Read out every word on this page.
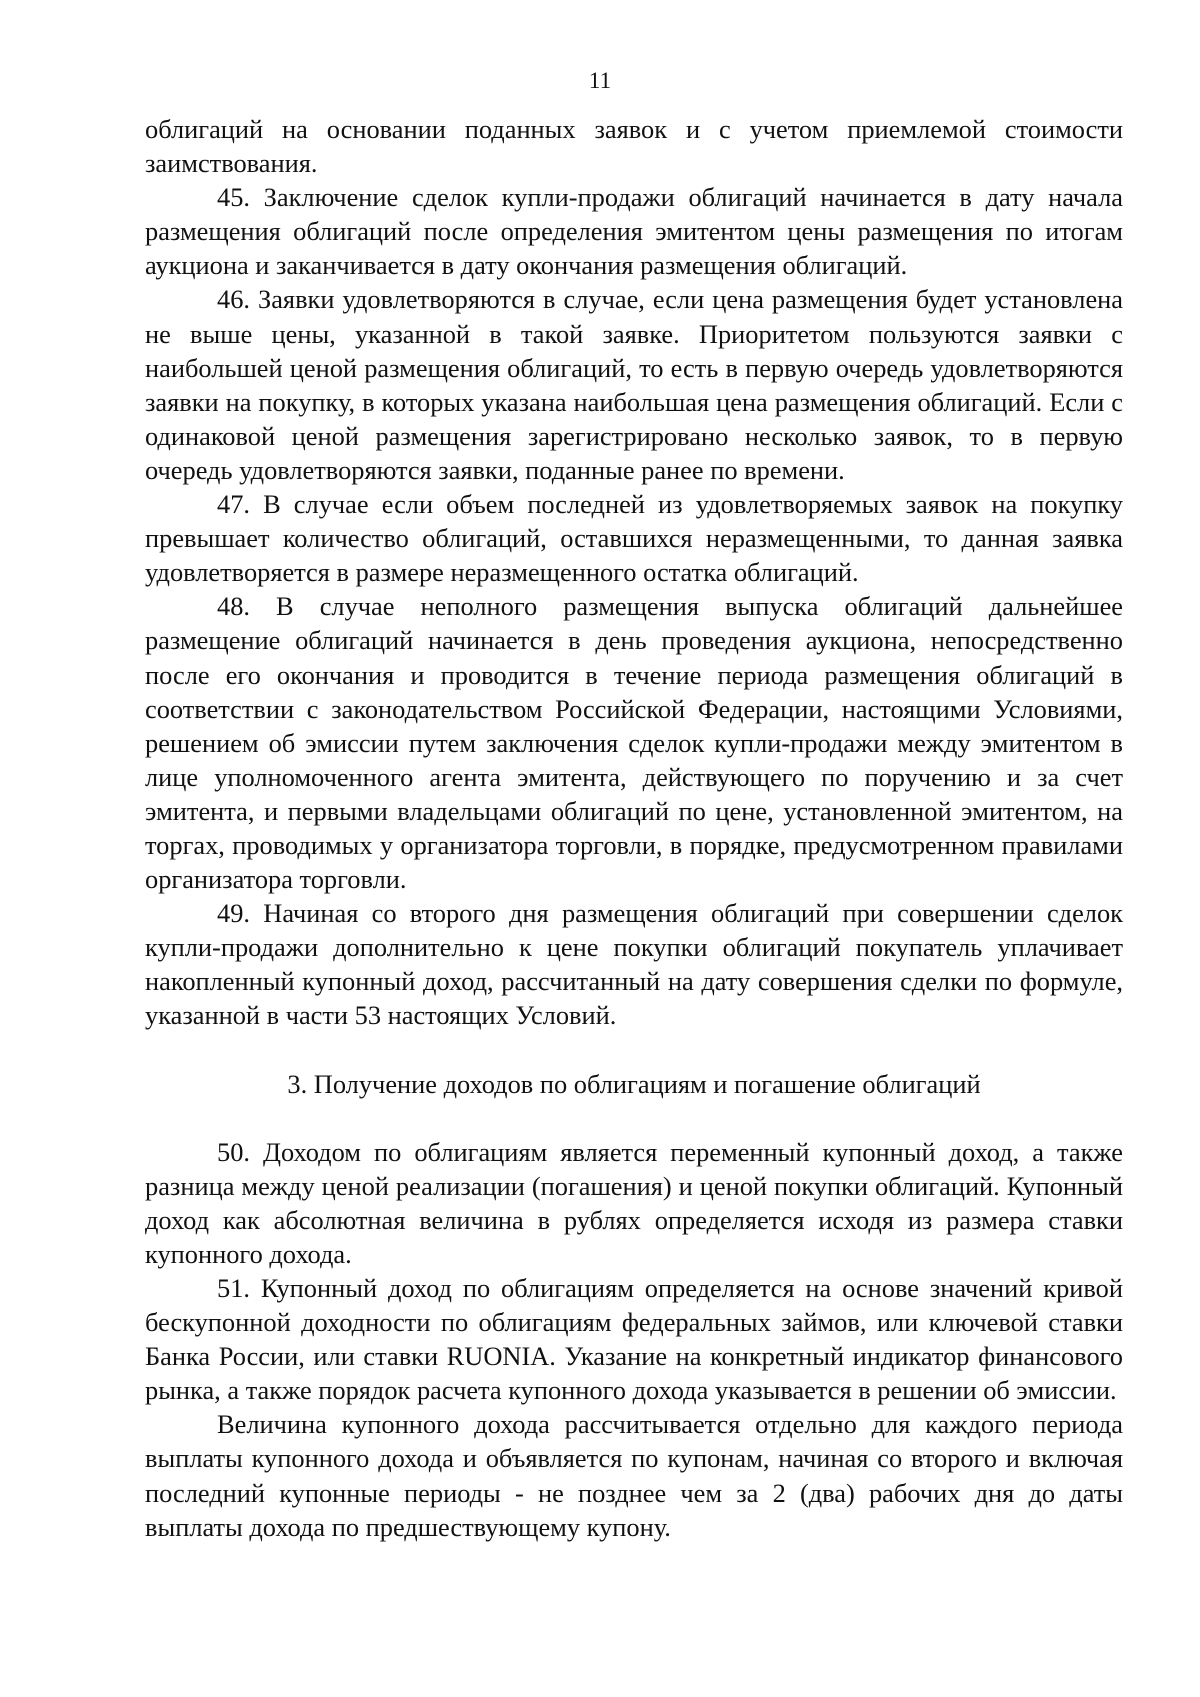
11

облигаций на основании поданных заявок и с учетом приемлемой стоимости заимствования.

45. Заключение сделок купли-продажи облигаций начинается в дату начала размещения облигаций после определения эмитентом цены размещения по итогам аукциона и заканчивается в дату окончания размещения облигаций.

46. Заявки удовлетворяются в случае, если цена размещения будет установлена не выше цены, указанной в такой заявке. Приоритетом пользуются заявки с наибольшей ценой размещения облигаций, то есть в первую очередь удовлетворяются заявки на покупку, в которых указана наибольшая цена размещения облигаций. Если с одинаковой ценой размещения зарегистрировано несколько заявок, то в первую очередь удовлетворяются заявки, поданные ранее по времени.

47. В случае если объем последней из удовлетворяемых заявок на покупку превышает количество облигаций, оставшихся неразмещенными, то данная заявка удовлетворяется в размере неразмещенного остатка облигаций.

48. В случае неполного размещения выпуска облигаций дальнейшее размещение облигаций начинается в день проведения аукциона, непосредственно после его окончания и проводится в течение периода размещения облигаций в соответствии с законодательством Российской Федерации, настоящими Условиями, решением об эмиссии путем заключения сделок купли-продажи между эмитентом в лице уполномоченного агента эмитента, действующего по поручению и за счет эмитента, и первыми владельцами облигаций по цене, установленной эмитентом, на торгах, проводимых у организатора торговли, в порядке, предусмотренном правилами организатора торговли.

49. Начиная со второго дня размещения облигаций при совершении сделок купли-продажи дополнительно к цене покупки облигаций покупатель уплачивает накопленный купонный доход, рассчитанный на дату совершения сделки по формуле, указанной в части 53 настоящих Условий.

3. Получение доходов по облигациям и погашение облигаций

50. Доходом по облигациям является переменный купонный доход, а также разница между ценой реализации (погашения) и ценой покупки облигаций. Купонный доход как абсолютная величина в рублях определяется исходя из размера ставки купонного дохода.

51. Купонный доход по облигациям определяется на основе значений кривой бескупонной доходности по облигациям федеральных займов, или ключевой ставки Банка России, или ставки RUONIA. Указание на конкретный индикатор финансового рынка, а также порядок расчета купонного дохода указывается в решении об эмиссии.

Величина купонного дохода рассчитывается отдельно для каждого периода выплаты купонного дохода и объявляется по купонам, начиная со второго и включая последний купонные периоды - не позднее чем за 2 (два) рабочих дня до даты выплаты дохода по предшествующему купону.
